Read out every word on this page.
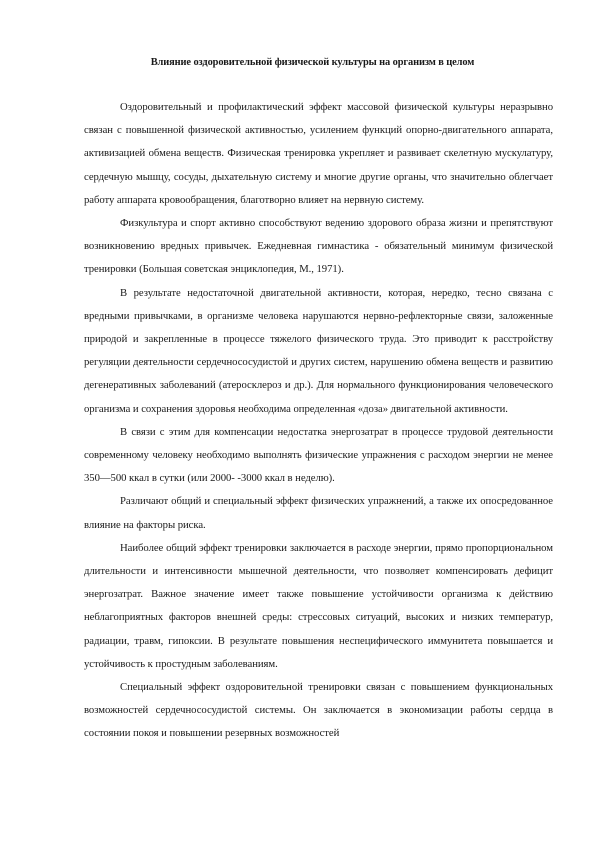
Влияние оздоровительной физической культуры на организм в целом

Оздоровительный и профилактический эффект массовой физической культуры неразрывно связан с повышенной физической активностью, усилением функций опорно-двигательного аппарата, активизацией обмена веществ. Физическая тренировка укрепляет и развивает скелетную мускулатуру, сердечную мышцу, сосуды, дыхательную систему и многие другие органы, что значительно облегчает работу аппарата кровообращения, благотворно влияет на нервную систему.

Физкультура и спорт активно способствуют ведению здорового образа жизни и препятствуют возникновению вредных привычек. Ежедневная гимнастика - обязательный минимум физической тренировки (Большая советская энциклопедия, М., 1971).

В результате недостаточной двигательной активности, которая, нередко, тесно связана с вредными привычками, в организме человека нарушаются нервно-рефлекторные связи, заложенные природой и закрепленные в процессе тяжелого физического труда. Это приводит к расстройству регуляции деятельности сердечнососудистой и других систем, нарушению обмена веществ и развитию дегенеративных заболеваний (атеросклероз и др.). Для нормального функционирования человеческого организма и сохранения здоровья необходима определенная «доза» двигательной активности.

В связи с этим для компенсации недостатка энергозатрат в процессе трудовой деятельности современному человеку необходимо выполнять физические упражнения с расходом энергии не менее 350—500 ккал в сутки (или 2000- -3000 ккал в неделю).

Различают общий и специальный эффект физических упражнений, а также их опосредованное влияние на факторы риска.

Наиболее общий эффект тренировки заключается в расходе энергии, прямо пропорциональном длительности и интенсивности мышечной деятельности, что позволяет компенсировать дефицит энергозатрат. Важное значение имеет также повышение устойчивости организма к действию неблагоприятных факторов внешней среды: стрессовых ситуаций, высоких и низких температур, радиации, травм, гипоксии. В результате повышения неспецифического иммунитета повышается и устойчивость к простудным заболеваниям.

Специальный эффект оздоровительной тренировки связан с повышением функциональных возможностей сердечнососудистой системы. Он заключается в экономизации работы сердца в состоянии покоя и повышении резервных возможностей
